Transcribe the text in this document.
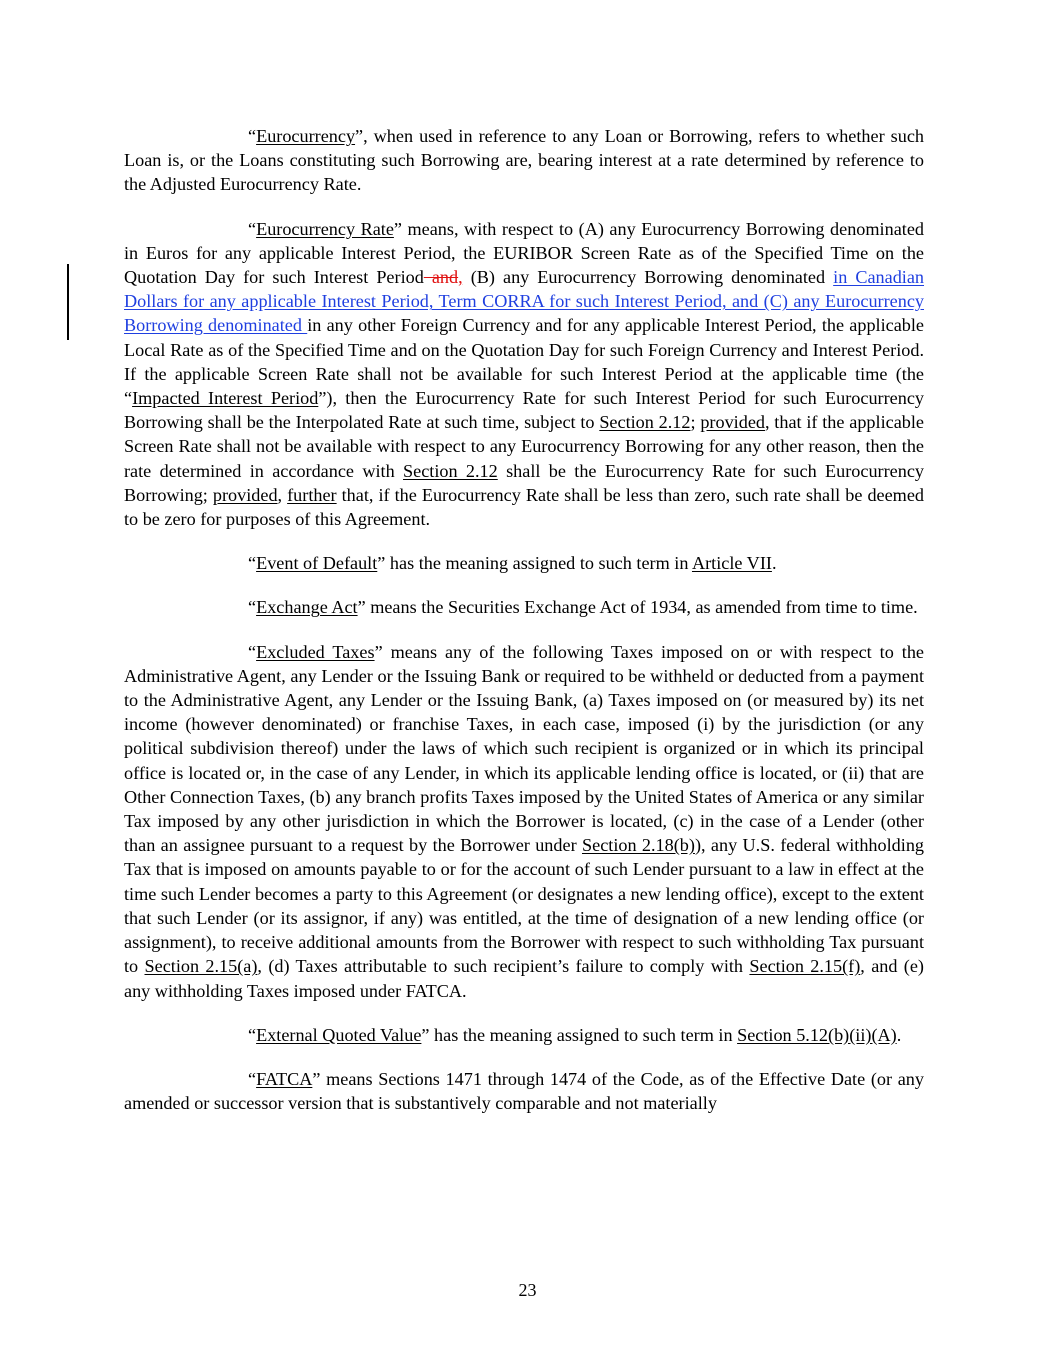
“Eurocurrency”, when used in reference to any Loan or Borrowing, refers to whether such Loan is, or the Loans constituting such Borrowing are, bearing interest at a rate determined by reference to the Adjusted Eurocurrency Rate.

“Eurocurrency Rate” means, with respect to (A) any Eurocurrency Borrowing denominated in Euros for any applicable Interest Period, the EURIBOR Screen Rate as of the Specified Time on the Quotation Day for such Interest Period and, (B) any Eurocurrency Borrowing denominated in Canadian Dollars for any applicable Interest Period, Term CORRA for such Interest Period, and (C) any Eurocurrency Borrowing denominated in any other Foreign Currency and for any applicable Interest Period, the applicable Local Rate as of the Specified Time and on the Quotation Day for such Foreign Currency and Interest Period. If the applicable Screen Rate shall not be available for such Interest Period at the applicable time (the “Impacted Interest Period”), then the Eurocurrency Rate for such Interest Period for such Eurocurrency Borrowing shall be the Interpolated Rate at such time, subject to Section 2.12; provided, that if the applicable Screen Rate shall not be available with respect to any Eurocurrency Borrowing for any other reason, then the rate determined in accordance with Section 2.12 shall be the Eurocurrency Rate for such Eurocurrency Borrowing; provided, further that, if the Eurocurrency Rate shall be less than zero, such rate shall be deemed to be zero for purposes of this Agreement.

“Event of Default” has the meaning assigned to such term in Article VII.

“Exchange Act” means the Securities Exchange Act of 1934, as amended from time to time.

“Excluded Taxes” means any of the following Taxes imposed on or with respect to the Administrative Agent, any Lender or the Issuing Bank or required to be withheld or deducted from a payment to the Administrative Agent, any Lender or the Issuing Bank, (a) Taxes imposed on (or measured by) its net income (however denominated) or franchise Taxes, in each case, imposed (i) by the jurisdiction (or any political subdivision thereof) under the laws of which such recipient is organized or in which its principal office is located or, in the case of any Lender, in which its applicable lending office is located, or (ii) that are Other Connection Taxes, (b) any branch profits Taxes imposed by the United States of America or any similar Tax imposed by any other jurisdiction in which the Borrower is located, (c) in the case of a Lender (other than an assignee pursuant to a request by the Borrower under Section 2.18(b)), any U.S. federal withholding Tax that is imposed on amounts payable to or for the account of such Lender pursuant to a law in effect at the time such Lender becomes a party to this Agreement (or designates a new lending office), except to the extent that such Lender (or its assignor, if any) was entitled, at the time of designation of a new lending office (or assignment), to receive additional amounts from the Borrower with respect to such withholding Tax pursuant to Section 2.15(a), (d) Taxes attributable to such recipient’s failure to comply with Section 2.15(f), and (e) any withholding Taxes imposed under FATCA.

“External Quoted Value” has the meaning assigned to such term in Section 5.12(b)(ii)(A).

“FATCA” means Sections 1471 through 1474 of the Code, as of the Effective Date (or any amended or successor version that is substantively comparable and not materially

23
